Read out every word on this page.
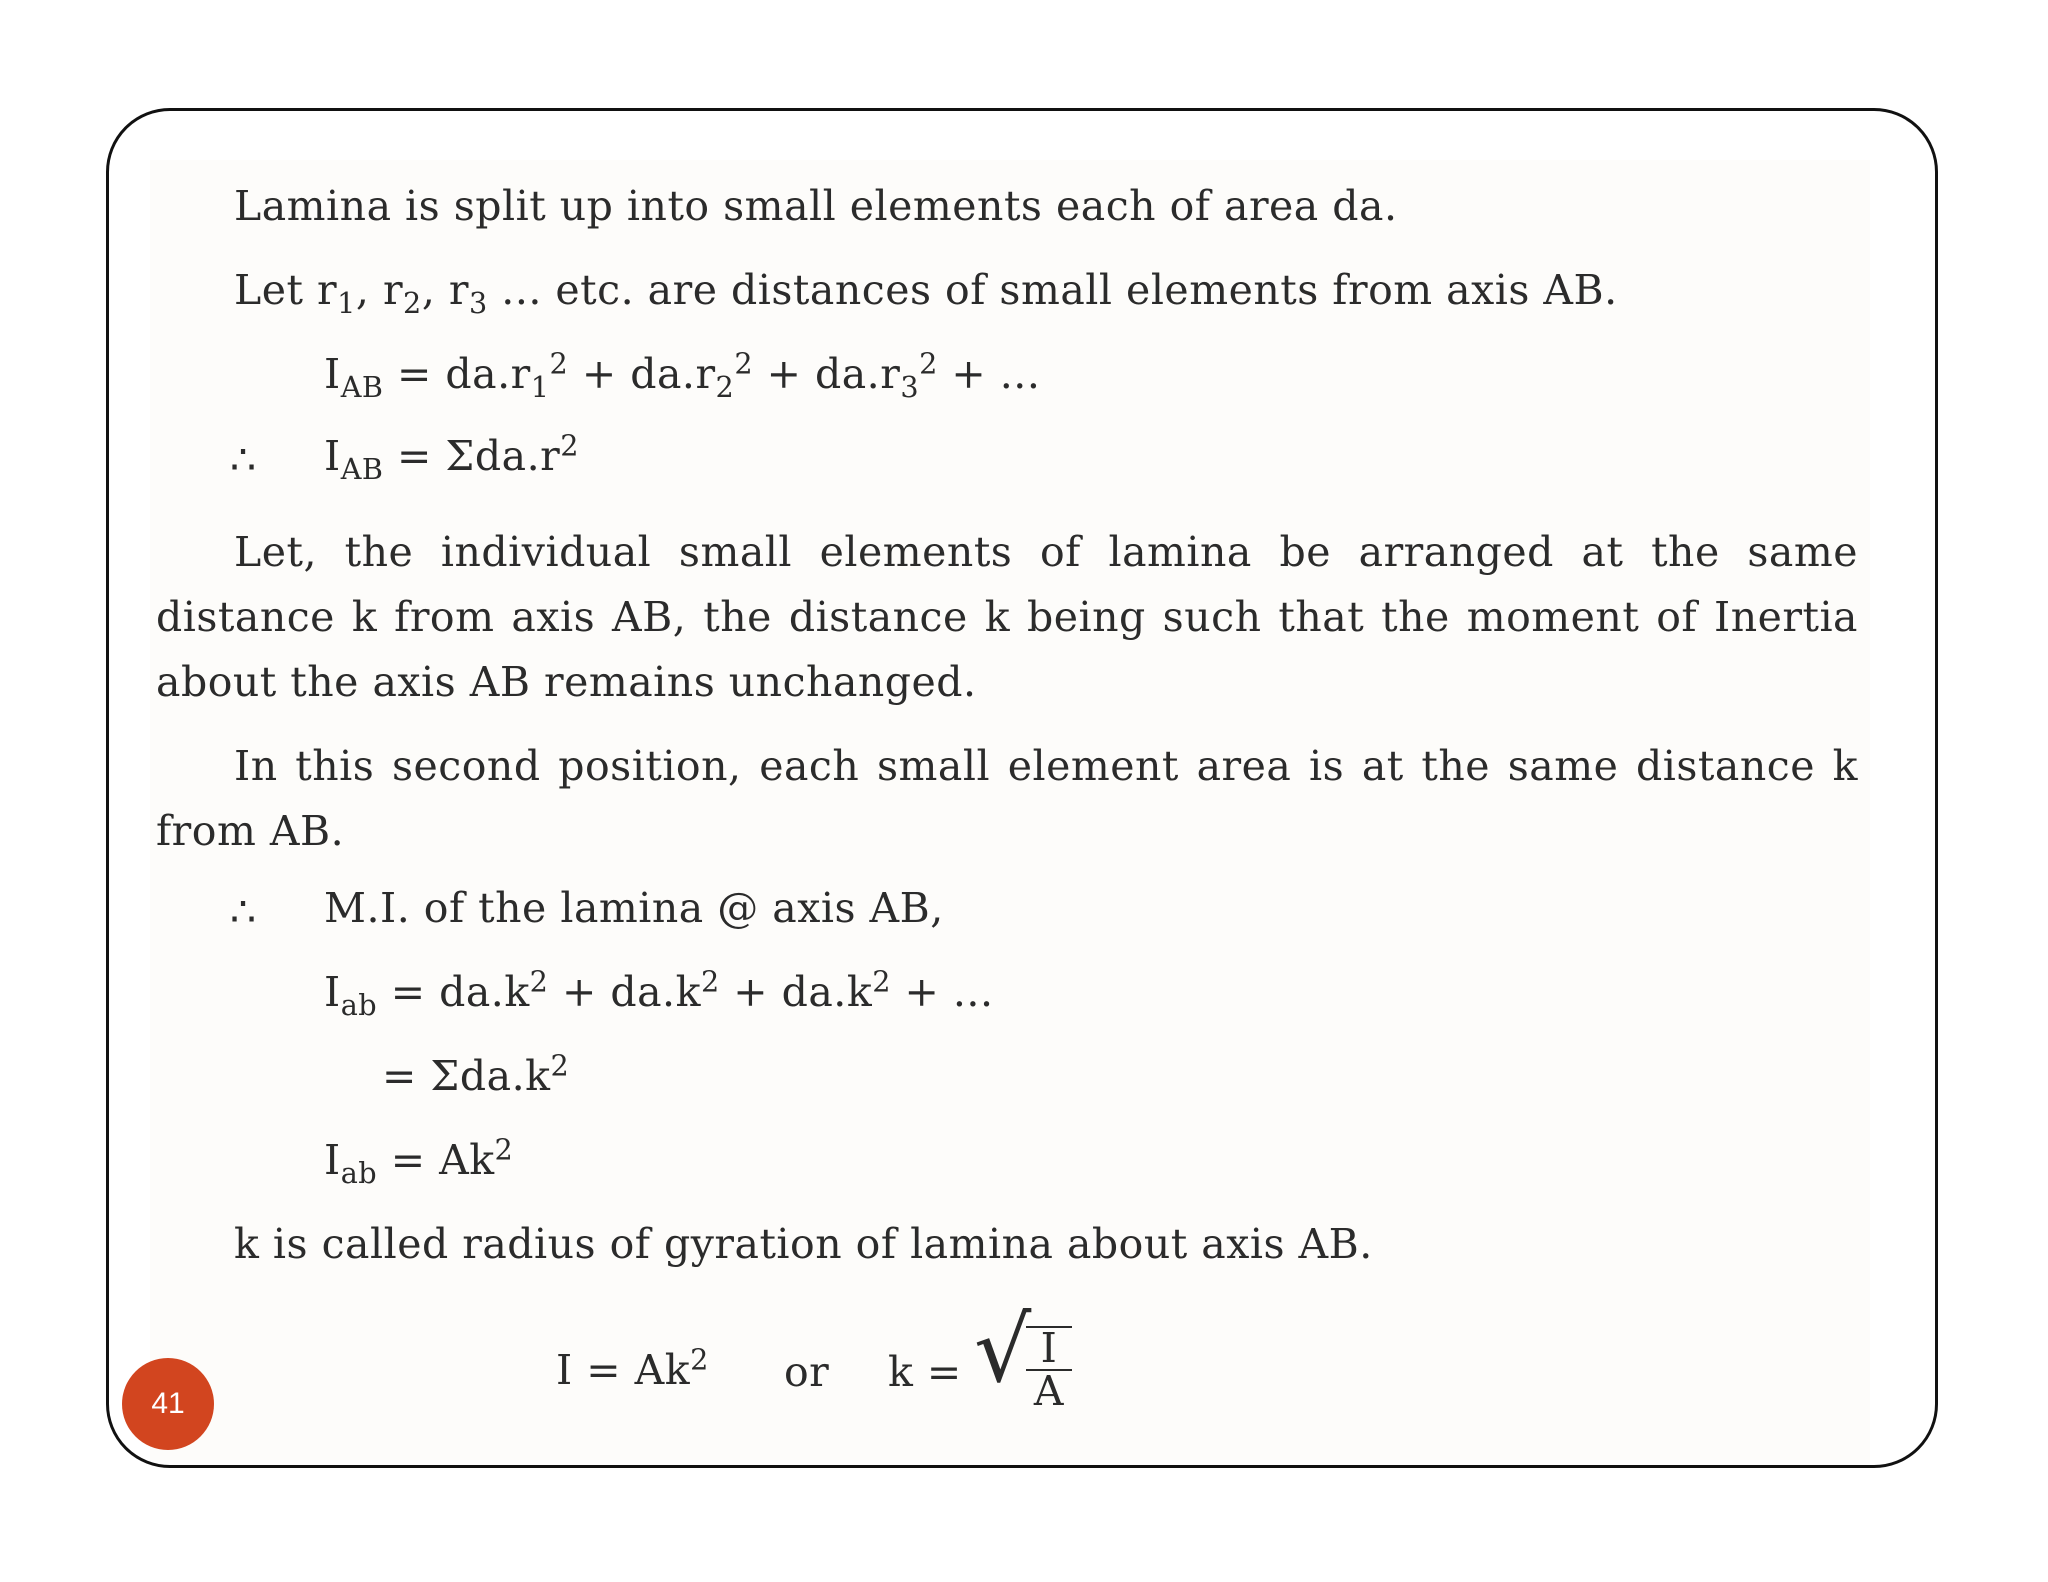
Lamina is split up into small elements each of area da.
Let $r_1$, $r_2$, $r_3$ ... etc. are distances of small elements from axis AB.
$I_{AB} = da.r_1^2 + da.r_2^2 + da.r_3^2$ + ...
∴ $I_{AB} = \Sigma da.r^2$
Let, the individual small elements of lamina be arranged at the same distance k from axis AB, the distance k being such that the moment of Inertia about the axis AB remains unchanged.
In this second position, each small element area is at the same distance k from AB.
∴ M.I. of the lamina @ axis AB,
$I_{ab} = da.k^2 + da.k^2 + da.k^2$ + ...
= $\Sigma da.k^2$
$I_{ab} = Ak^2$
k is called radius of gyration of lamina about axis AB.
$I = Ak^2$ or k = √
$\frac{I}{A}$
41
